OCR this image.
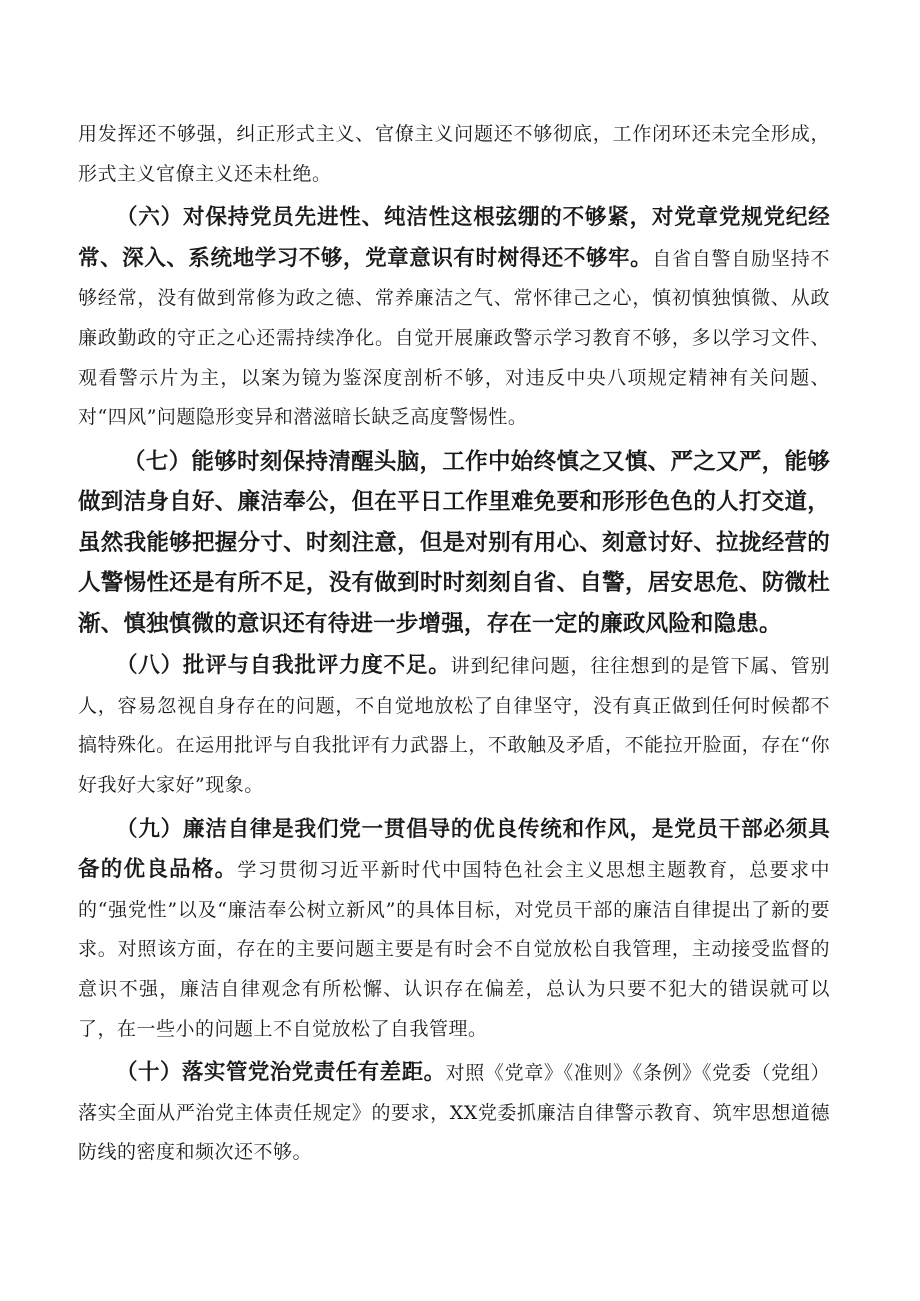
用发挥还不够强，纠正形式主义、官僚主义问题还不够彻底，工作闭环还未完全形成，形式主义官僚主义还未杜绝。

（六）对保持党员先进性、纯洁性这根弦绷的不够紧，对党章党规党纪经常、深入、系统地学习不够，党章意识有时树得还不够牢。自省自警自励坚持不够经常，没有做到常修为政之德、常养廉洁之气、常怀律己之心，慎初慎独慎微、从政廉政勤政的守正之心还需持续净化。自觉开展廉政警示学习教育不够，多以学习文件、观看警示片为主，以案为镜为鉴深度剖析不够，对违反中央八项规定精神有关问题、对“四风”问题隐形变异和潜滋暗长缺乏高度警惕性。

（七）能够时刻保持清醒头脑，工作中始终慎之又慎、严之又严，能够做到洁身自好、廉洁奉公，但在平日工作里难免要和形形色色的人打交道，虽然我能够把握分寸、时刻注意，但是对别有用心、刻意讨好、拉拢经营的人警惕性还是有所不足，没有做到时时刻刻自省、自警，居安思危、防微杜渐、慎独慎微的意识还有待进一步增强，存在一定的廉政风险和隐患。

（八）批评与自我批评力度不足。讲到纪律问题，往往想到的是管下属、管别人，容易忽视自身存在的问题，不自觉地放松了自律坚守，没有真正做到任何时候都不搞特殊化。在运用批评与自我批评有力武器上，不敢触及矛盾，不能拉开脸面，存在“你好我好大家好”现象。

（九）廉洁自律是我们党一贯倡导的优良传统和作风，是党员干部必须具备的优良品格。学习贯彻习近平新时代中国特色社会主义思想主题教育，总要求中的“强党性”以及“廉洁奉公树立新风”的具体目标，对党员干部的廉洁自律提出了新的要求。对照该方面，存在的主要问题主要是有时会不自觉放松自我管理，主动接受监督的意识不强，廉洁自律观念有所松懈、认识存在偏差，总认为只要不犯大的错误就可以了，在一些小的问题上不自觉放松了自我管理。

（十）落实管党治党责任有差距。对照《党章》《准则》《条例》《党委（党组）落实全面从严治党主体责任规定》的要求，XX党委抓廉洁自律警示教育、筑牢思想道德防线的密度和频次还不够。
